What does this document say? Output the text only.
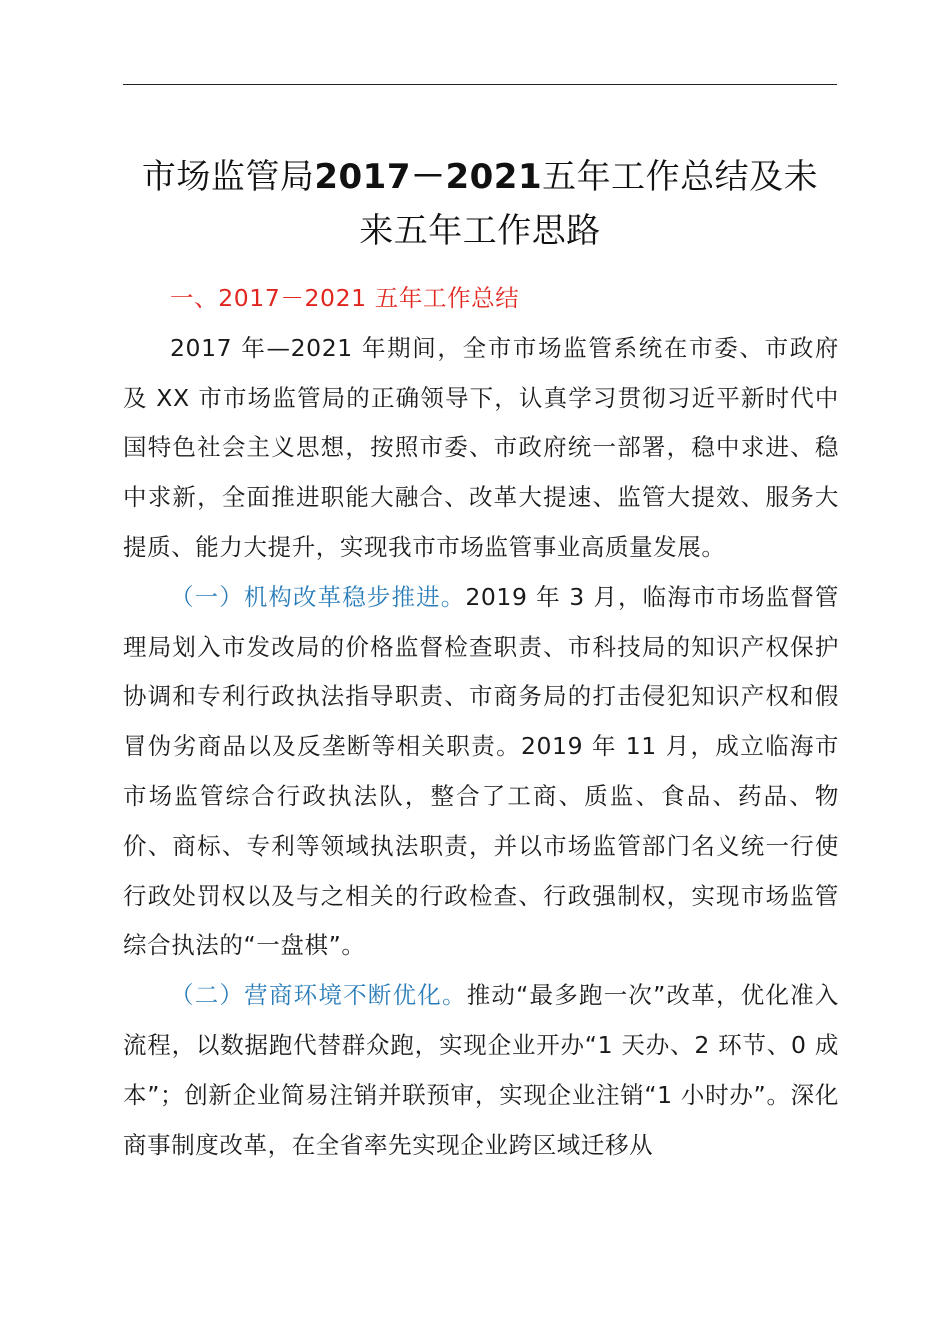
市场监管局2017－2021五年工作总结及未
来五年工作思路

一、2017－2021 五年工作总结

2017 年—2021 年期间，全市市场监管系统在市委、市政府及 XX 市市场监管局的正确领导下，认真学习贯彻习近平新时代中国特色社会主义思想，按照市委、市政府统一部署，稳中求进、稳中求新，全面推进职能大融合、改革大提速、监管大提效、服务大提质、能力大提升，实现我市市场监管事业高质量发展。

（一）机构改革稳步推进。2019 年 3 月，临海市市场监督管理局划入市发改局的价格监督检查职责、市科技局的知识产权保护协调和专利行政执法指导职责、市商务局的打击侵犯知识产权和假冒伪劣商品以及反垄断等相关职责。2019 年 11 月，成立临海市市场监管综合行政执法队，整合了工商、质监、食品、药品、物价、商标、专利等领域执法职责，并以市场监管部门名义统一行使行政处罚权以及与之相关的行政检查、行政强制权，实现市场监管综合执法的“一盘棋”。

（二）营商环境不断优化。推动“最多跑一次”改革，优化准入流程，以数据跑代替群众跑，实现企业开办“1 天办、2 环节、0 成本”；创新企业简易注销并联预审，实现企业注销“1 小时办”。深化商事制度改革，在全省率先实现企业跨区域迁移从
